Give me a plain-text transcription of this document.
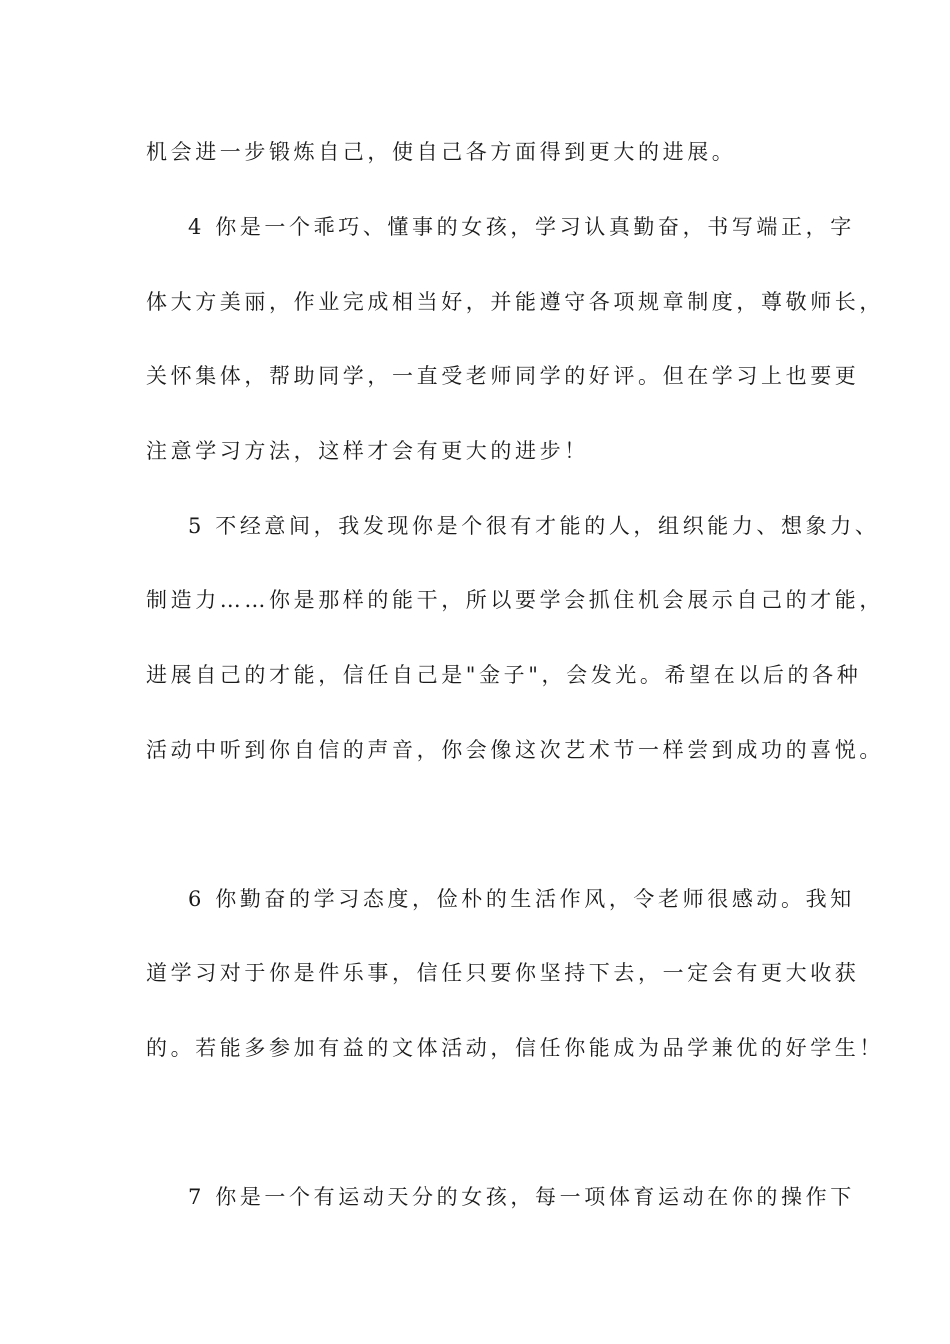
机会进一步锻炼自己，使自己各方面得到更大的进展。
4 你是一个乖巧、懂事的女孩，学习认真勤奋，书写端正，字
体大方美丽，作业完成相当好，并能遵守各项规章制度，尊敬师长，
关怀集体，帮助同学，一直受老师同学的好评。但在学习上也要更
注意学习方法，这样才会有更大的进步！
5 不经意间，我发现你是个很有才能的人，组织能力、想象力、
制造力……你是那样的能干，所以要学会抓住机会展示自己的才能，
进展自己的才能，信任自己是"金子"，会发光。希望在以后的各种
活动中听到你自信的声音，你会像这次艺术节一样尝到成功的喜悦。
6 你勤奋的学习态度，俭朴的生活作风，令老师很感动。我知
道学习对于你是件乐事，信任只要你坚持下去，一定会有更大收获
的。若能多参加有益的文体活动，信任你能成为品学兼优的好学生！
7 你是一个有运动天分的女孩，每一项体育运动在你的操作下
